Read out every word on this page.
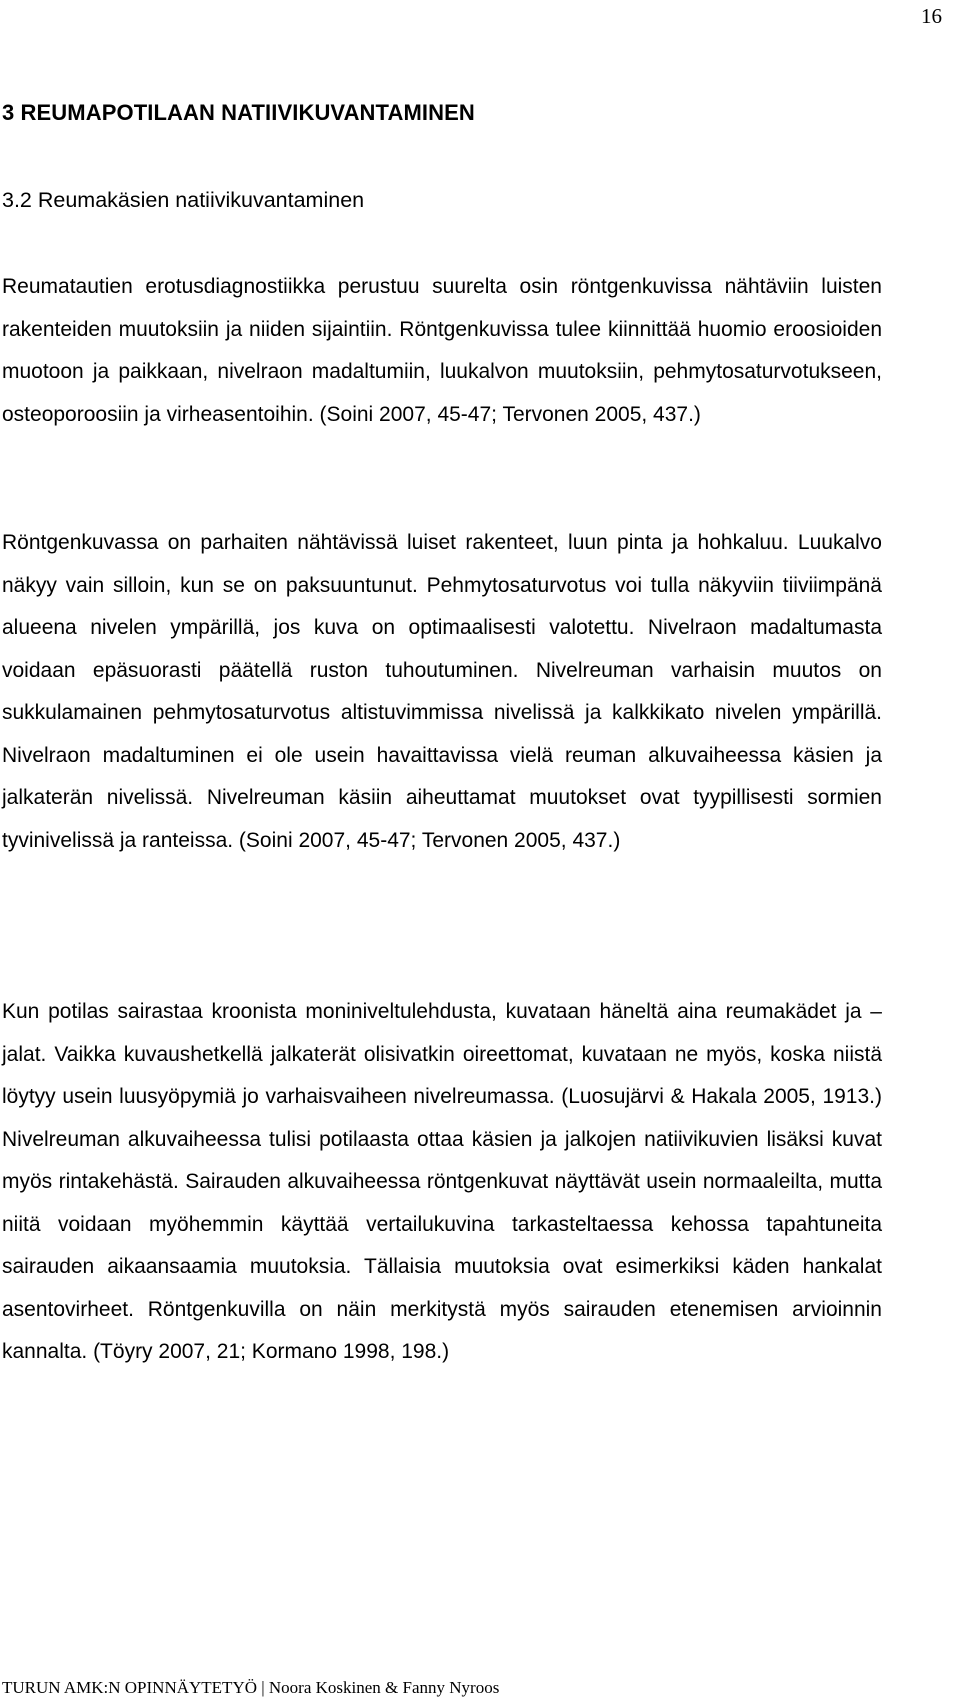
16
3 REUMAPOTILAAN NATIIVIKUVANTAMINEN
3.2 Reumakäsien natiivikuvantaminen

Reumatautien erotusdiagnostiikka perustuu suurelta osin röntgenkuvissa nähtäviin luisten rakenteiden muutoksiin ja niiden sijaintiin. Röntgenkuvissa tulee kiinnittää huomio eroosioiden muotoon ja paikkaan, nivelraon madaltumiin, luukalvon muutoksiin, pehmytosaturvotukseen, osteoporoosiin ja virheasentoihin. (Soini 2007, 45-47; Tervonen 2005, 437.)

Röntgenkuvassa on parhaiten nähtävissä luiset rakenteet, luun pinta ja hohkaluu. Luukalvo näkyy vain silloin, kun se on paksuuntunut. Pehmytosaturvotus voi tulla näkyviin tiiviimpänä alueena nivelen ympärillä, jos kuva on optimaalisesti valotettu. Nivelraon madaltumasta voidaan epäsuorasti päätellä ruston tuhoutuminen. Nivelreuman varhaisin muutos on sukkulamainen pehmytosaturvotus altistuvimmissa nivelissä ja kalkkikato nivelen ympärillä. Nivelraon madaltuminen ei ole usein havaittavissa vielä reuman alkuvaiheessa käsien ja jalkaterän nivelissä. Nivelreuman käsiin aiheuttamat muutokset ovat tyypillisesti sormien tyvinivelissä ja ranteissa. (Soini 2007, 45-47; Tervonen 2005, 437.)

Kun potilas sairastaa kroonista moniniveltulehdusta, kuvataan häneltä aina reumakädet ja –jalat. Vaikka kuvaushetkellä jalkaterät olisivatkin oireettomat, kuvataan ne myös, koska niistä löytyy usein luusyöpymiä jo varhaisvaiheen nivelreumassa. (Luosujärvi & Hakala 2005, 1913.) Nivelreuman alkuvaiheessa tulisi potilaasta ottaa käsien ja jalkojen natiivikuvien lisäksi kuvat myös rintakehästä. Sairauden alkuvaiheessa röntgenkuvat näyttävät usein normaaleilta, mutta niitä voidaan myöhemmin käyttää vertailukuvina tarkasteltaessa kehossa tapahtuneita sairauden aikaansaamia muutoksia. Tällaisia muutoksia ovat esimerkiksi käden hankalat asentovirheet. Röntgenkuvilla on näin merkitystä myös sairauden etenemisen arvioinnin kannalta. (Töyry 2007, 21; Kormano 1998, 198.)

TURUN AMK:N OPINNÄYTETYÖ | Noora Koskinen & Fanny Nyroos
